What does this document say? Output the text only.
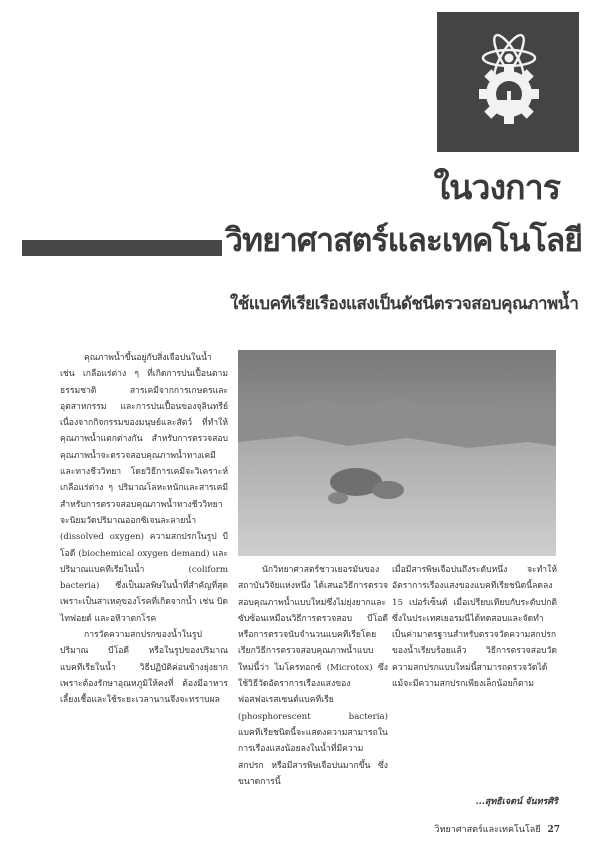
ในวงการ
วิทยาศาสตร์และเทคโนโลยี
ใช้แบคทีเรียเรืองแสงเป็นดัชนีตรวจสอบคุณภาพน้ำ

คุณภาพน้ำขึ้นอยู่กับสิ่งเจือปนในน้ำ เช่น เกลือแร่ต่าง ๆ ที่เกิดการปนเปื้อนตามธรรมชาติ สารเคมีจากการเกษตรและอุตสาหกรรม และการปนเปื้อนของจุลินทรีย์เนื่องจากกิจกรรมของมนุษย์และสัตว์ ที่ทำให้คุณภาพน้ำแตกต่างกัน สำหรับการตรวจสอบคุณภาพน้ำจะตรวจสอบคุณภาพน้ำทางเคมี และทางชีววิทยา โดยวิธีการเคมีจะวิเคราะห์เกลือแร่ต่าง ๆ ปริมาณโลหะหนักและสารเคมี สำหรับการตรวจสอบคุณภาพน้ำทางชีววิทยาจะนิยมวัดปริมาณออกซิเจนละลายน้ำ (dissolved oxygen) ความสกปรกในรูป บีโอดี (biochemical oxygen demand) และปริมาณแบคทีเรียในน้ำ (coliform bacteria) ซึ่งเป็นมลพิษในน้ำที่สำคัญที่สุดเพราะเป็นสาเหตุของโรคที่เกิดจากน้ำ เช่น บิด ไทฟอยด์ และอหิวาตกโรค

การวัดความสกปรกของน้ำในรูปปริมาณ บีโอดี หรือในรูปของปริมาณแบคทีเรียในน้ำ วิธีปฏิบัติค่อนข้างยุ่งยาก เพราะต้องรักษาอุณหภูมิให้คงที่ ต้องมีอาหารเลี้ยงเชื้อและใช้ระยะเวลานานจึงจะทราบผล

นักวิทยาศาสตร์ชาวเยอรมันของสถาบันวิจัยแห่งหนึ่ง ได้เสนอวิธีการตรวจสอบคุณภาพน้ำแบบใหม่ซึ่งไม่ยุ่งยากและซับซ้อนเหมือนวิธีการตรวจสอบ บีโอดี หรือการตรวจนับจำนวนแบคทีเรียโดยเรียกวิธีการตรวจสอบคุณภาพน้ำแบบใหม่นี้ว่า ไมโครทอกซ์ (Microtox) ซึ่งใช้วิธีวัดอัตราการเรืองแสงของฟอสฟอเรสเซนต์แบคทีเรีย (phosphorescent bacteria) แบคทีเรียชนิดนี้จะแสดงความสามารถในการเรืองแสงน้อยลงในน้ำที่มีความสกปรก หรือมีสารพิษเจือปนมากขึ้น ซึ่งขนาดการนี้

เมื่อมีสารพิษเจือปนถึงระดับหนึ่ง จะทำให้อัตราการเรืองแสงของแบคทีเรียชนิดนี้ลดลง 15 เปอร์เซ็นต์ เมื่อเปรียบเทียบกับระดับปกติ ซึ่งในประเทศเยอรมนีได้ทดสอบและจัดทำเป็นค่ามาตรฐานสำหรับตรวจวัดความสกปรกของน้ำเรียบร้อยแล้ว วิธีการตรวจสอบวัดความสกปรกแบบใหม่นี้สามารถตรวจวัดได้แม้จะมีความสกปรกเพียงเล็กน้อยก็ตาม

...สุทธิเจตน์ จันทรศิริ
วิทยาศาสตร์และเทคโนโลยี 27
